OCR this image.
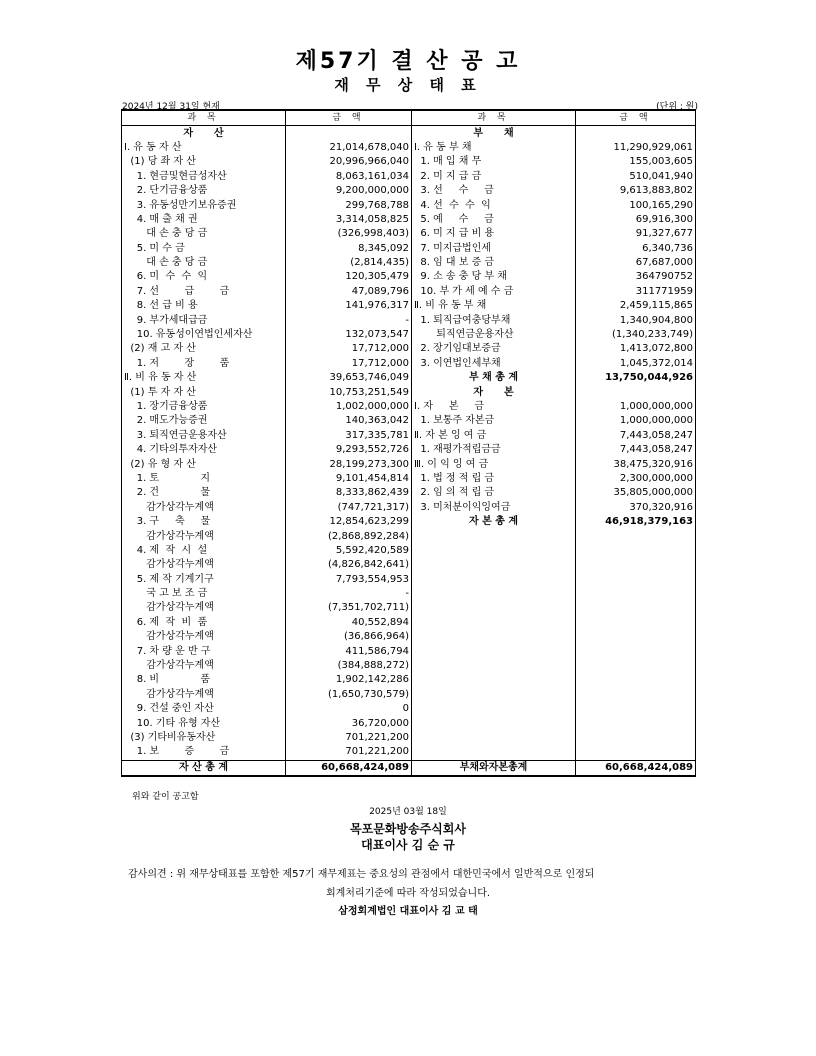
제57기 결 산 공 고
재 무 상 태 표
2024년 12월 31일 현재	(단위 : 원)
과 목	금 액	과 목	금 액
자      산		부      채	
Ⅰ. 유 동 자 산	21,014,678,040	Ⅰ. 유 동 부 채	11,290,929,061
(1) 당 좌 자 산	20,996,966,040	1. 매 입 채 무	155,003,605
1. 현금및현금성자산	8,063,161,034	2. 미 지 급 금	510,041,940
2. 단기금융상품	9,200,000,000	3. 선     수     금	9,613,883,802
3. 유동성만기보유증권	299,768,788	4. 선  수  수  익	100,165,290
4. 매 출 채 권	3,314,058,825	5. 예     수     금	69,916,300
대 손 충 당 금	(326,998,403)	6. 미 지 급 비 용	91,327,677
5. 미 수 금	8,345,092	7. 미지급법인세	6,340,736
대 손 충 당 금	(2,814,435)	8. 임 대 보 증 금	67,687,000
6. 미  수  수  익	120,305,479	9. 소 송 충 당 부 채	364790752
7. 선        급        금	47,089,796	10. 부 가 세 예 수 금	311771959
8. 선 급 비 용	141,976,317	Ⅱ. 비 유 동 부 채	2,459,115,865
9. 부가세대급금	-	1. 퇴직급여충당부채	1,340,904,800
10. 유동성이연법인세자산	132,073,547	퇴직연금운용자산	(1,340,233,749)
(2) 재 고 자 산	17,712,000	2. 장기임대보증금	1,413,072,800
1. 저        장        품	17,712,000	3. 이연법인세부채	1,045,372,014
Ⅱ. 비 유 동 자 산	39,653,746,049	부 채 총 계	13,750,044,926
(1) 투 자 자 산	10,753,251,549	자      본	
1. 장기금융상품	1,002,000,000	Ⅰ. 자     본     금	1,000,000,000
2. 매도가능증권	140,363,042	1. 보통주 자본금	1,000,000,000
3. 퇴직연금운용자산	317,335,781	Ⅱ. 자 본 잉 여 금	7,443,058,247
4. 기타의투자자산	9,293,552,726	1. 재평가적립금금	7,443,058,247
(2) 유 형 자 산	28,199,273,300	Ⅲ. 이 익 잉 여 금	38,475,320,916
1. 토             지	9,101,454,814	1. 법 정 적 립 금	2,300,000,000
2. 건             물	8,333,862,439	2. 임 의 적 립 금	35,805,000,000
감가상각누계액	(747,721,317)	3. 미처분이익잉여금	370,320,916
3. 구     축     물	12,854,623,299	자 본 총 계	46,918,379,163
감가상각누계액	(2,868,892,284)		
4. 제  작  시  설	5,592,420,589		
감가상각누계액	(4,826,842,641)		
5. 제 작 기계기구	7,793,554,953		
국 고 보 조 금	-		
감가상각누계액	(7,351,702,711)		
6. 제  작  비  품	40,552,894		
감가상각누계액	(36,866,964)		
7. 차 량 운 반 구	411,586,794		
감가상각누계액	(384,888,272)		
8. 비             품	1,902,142,286		
감가상각누계액	(1,650,730,579)		
9. 건설 중인 자산	0		
10. 기타 유형 자산	36,720,000		
(3) 기타비유동자산	701,221,200		
1. 보        증        금	701,221,200		
자 산 총 계	60,668,424,089	부채와자본총계	60,668,424,089
위와 같이 공고함
2025년 03월 18일
목포문화방송주식회사
대표이사 김 순 규
감사의견 : 위 재무상태표를 포함한 제57기 재무제표는 중요성의 관점에서 대한민국에서 일반적으로 인정되
회계처리기준에 따라 작성되었습니다.
삼정회계법인 대표이사 김 교 태
